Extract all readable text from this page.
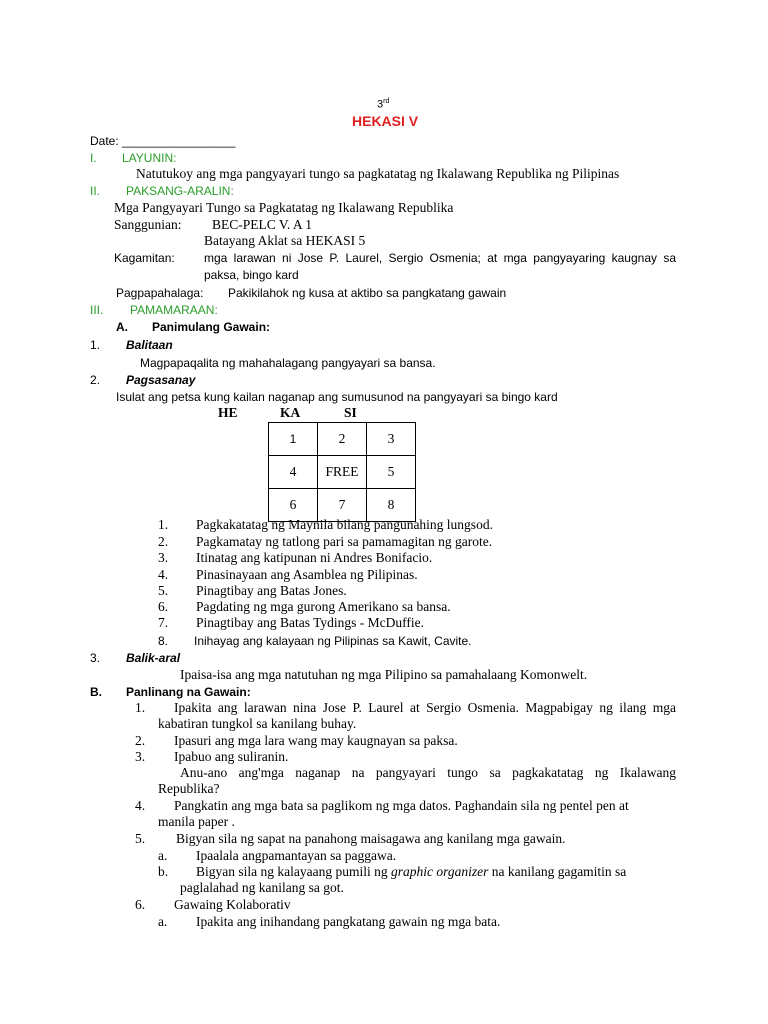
3rd
HEKASI V
Date: _________________
I. LAYUNIN:
Natutukoy ang mga pangyayari tungo sa pagkatatag ng Ikalawang Republika ng Pilipinas
II. PAKSANG-ARALIN:
Mga Pangyayari Tungo sa Pagkatatag ng Ikalawang Republika
Sanggunian: BEC-PELC V. A 1
Batayang Aklat sa HEKASI 5
Kagamitan: mga larawan ni Jose P. Laurel, Sergio Osmenia; at mga pangyayaring kaugnay sa
paksa, bingo kard
Pagpapahalaga: Pakikilahok ng kusa at aktibo sa pangkatang gawain
III. PAMAMARAAN:
A. Panimulang Gawain:
1. Balitaan
Magpapaqalita ng mahahalagang pangyayari sa bansa.
2. Pagsasanay
Isulat ang petsa kung kailan naganap ang sumusunod na pangyayari sa bingo kard
HE	KA	SI
1	2	3
4	FREE	5
6	7	8
1. Pagkakatatag ng Maynila bilang pangunahing lungsod.
2. Pagkamatay ng tatlong pari sa pamamagitan ng garote.
3. Itinatag ang katipunan ni Andres Bonifacio.
4. Pinasinayaan ang Asamblea ng Pilipinas.
5. Pinagtibay ang Batas Jones.
6. Pagdating ng mga gurong Amerikano sa bansa.
7. Pinagtibay ang Batas Tydings - McDuffie.
8. Inihayag ang kalayaan ng Pilipinas sa Kawit, Cavite.
3. Balik-aral
Ipaisa-isa ang mga natutuhan ng mga Pilipino sa pamahalaang Komonwelt.
B. Panlinang na Gawain:
1. Ipakita ang larawan nina Jose P. Laurel at Sergio Osmenia. Magpabigay ng ilang mga
kabatiran tungkol sa kanilang buhay.
2. Ipasuri ang mga lara wang may kaugnayan sa paksa.
3. Ipabuo ang suliranin.
Anu-ano ang'mga naganap na pangyayari tungo sa pagkakatatag ng Ikalawang
Republika?
4. Pangkatin ang mga bata sa paglikom ng mga datos. Paghandain sila ng pentel pen at
manila paper .
5. Bigyan sila ng sapat na panahong maisagawa ang kanilang mga gawain.
a. Ipaalala angpamantayan sa paggawa.
b. Bigyan sila ng kalayaang pumili ng graphic organizer na kanilang gagamitin sa
paglalahad ng kanilang sa got.
6. Gawaing Kolaborativ
a. Ipakita ang inihandang pangkatang gawain ng mga bata.
